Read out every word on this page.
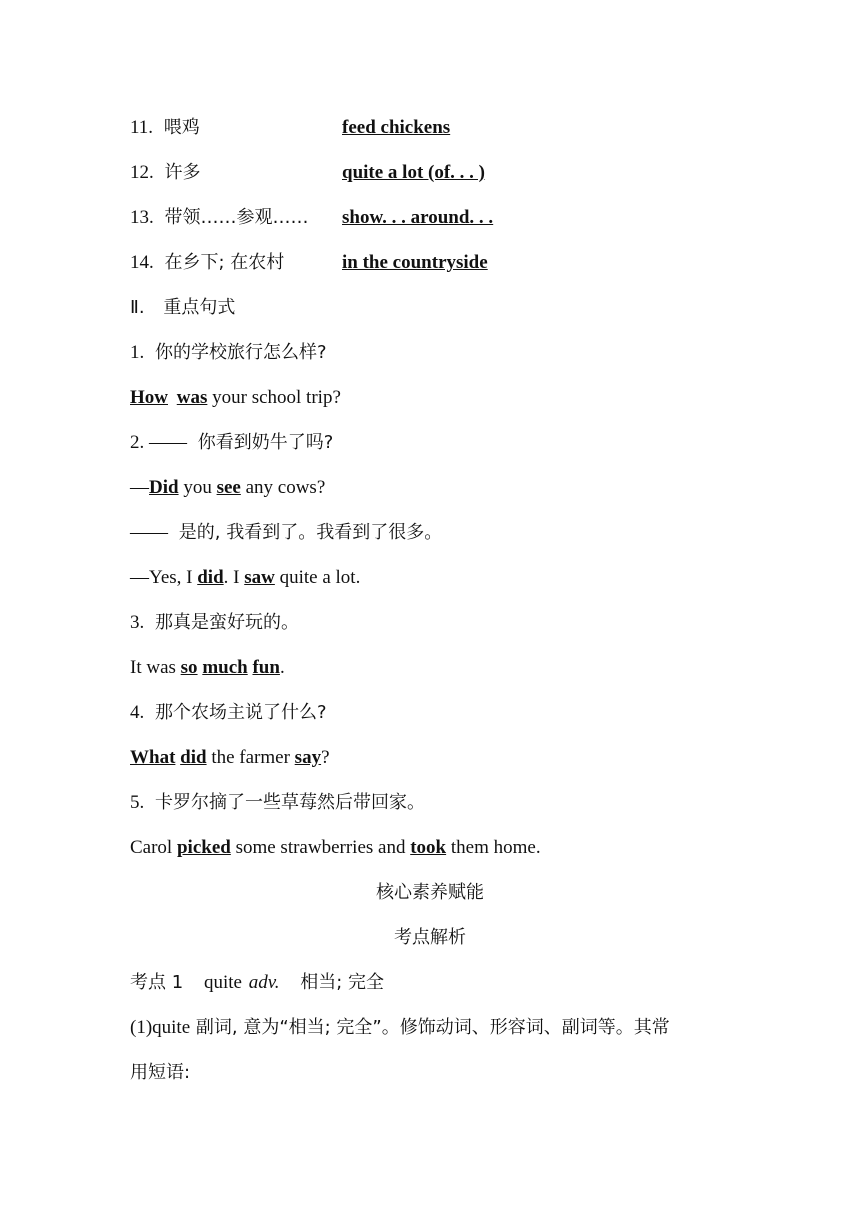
11. 喂鸡	feed chickens
12. 许多	quite a lot (of. . . )
13. 带领……参观…… show. . . around. . .
14. 在乡下; 在农村	in the countryside
Ⅱ. 重点句式
1. 你的学校旅行怎么样?
How was your school trip?
2. —— 你看到奶牛了吗?
—Did you see any cows?
—— 是的, 我看到了。我看到了很多。
—Yes, I did. I saw quite a lot.
3. 那真是蛮好玩的。
It was so much fun.
4. 那个农场主说了什么?
What did the farmer say?
5. 卡罗尔摘了一些草莓然后带回家。
Carol picked some strawberries and took them home.
核心素养赋能
考点解析
考点 1 quite adv. 相当; 完全
(1)quite 副词, 意为“相当; 完全”。修饰动词、形容词、副词等。其常
用短语:
